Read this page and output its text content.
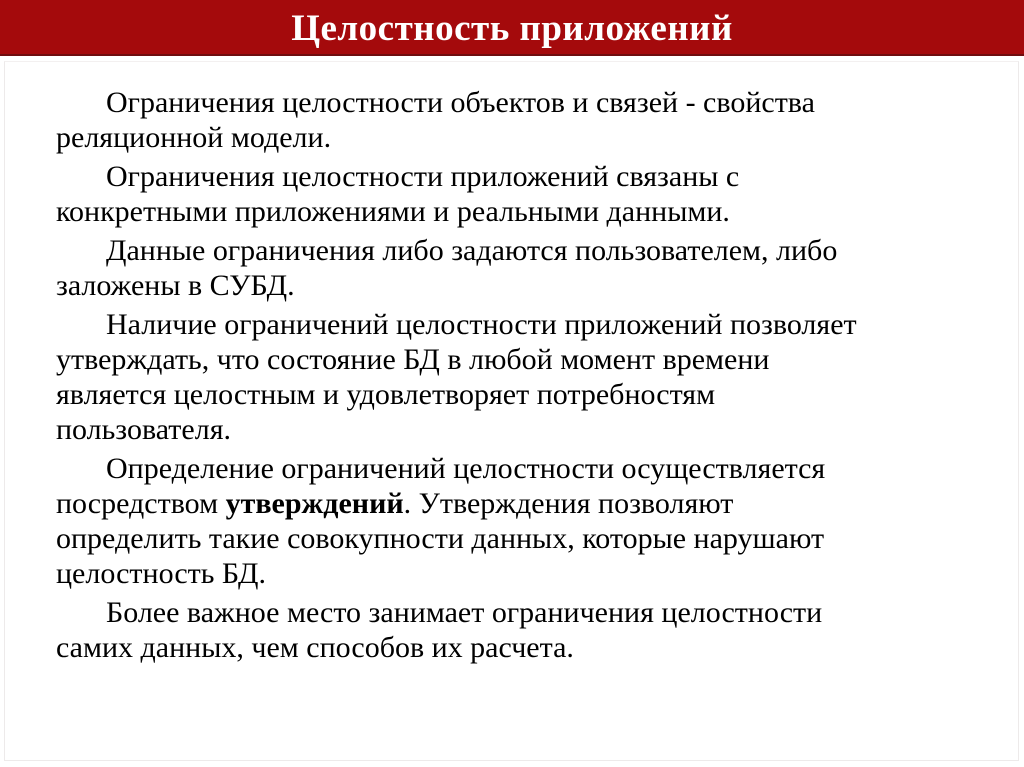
Целостность приложений

Ограничения целостности объектов и связей - свойства реляционной модели.

Ограничения целостности приложений связаны с конкретными приложениями и реальными данными.

Данные ограничения либо задаются пользователем, либо заложены в СУБД.

Наличие ограничений целостности приложений позволяет утверждать, что состояние БД в любой момент времени является целостным и удовлетворяет потребностям пользователя.

Определение ограничений целостности осуществляется посредством утверждений. Утверждения позволяют определить такие совокупности данных, которые нарушают целостность БД.

Более важное место занимает ограничения целостности самих данных, чем способов их расчета.
